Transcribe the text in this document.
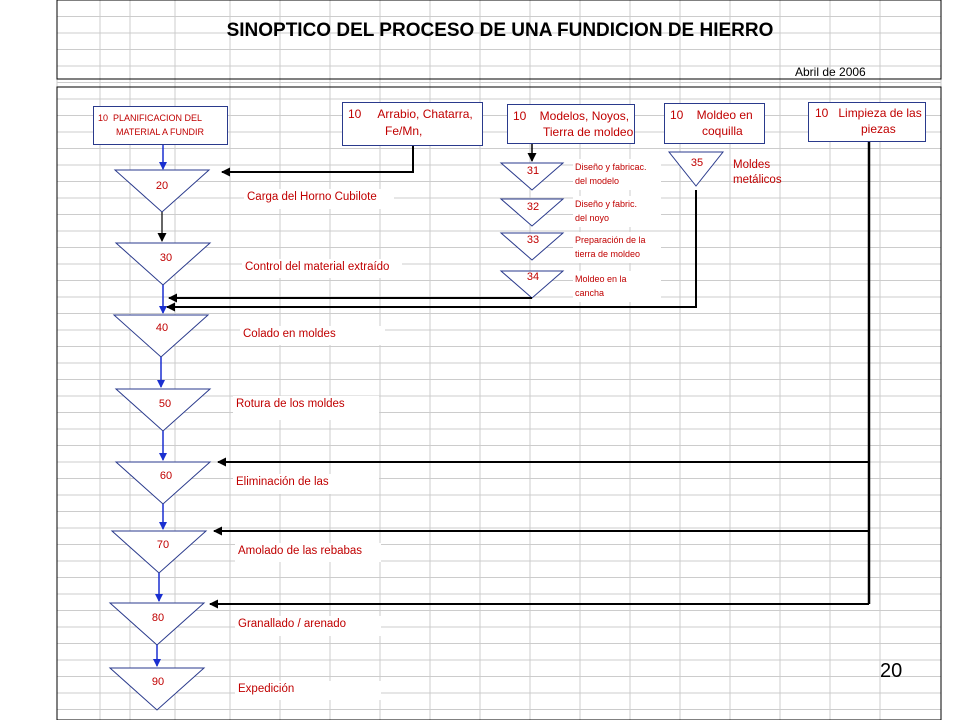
SINOPTICO DEL PROCESO DE UNA FUNDICION DE HIERRO
Abril de 2006
20
10  PLANIFICACION DEL
MATERIAL A FUNDIR
10     Arrabio, Chatarra,
Fe/Mn,
10    Modelos, Noyos,
Tierra de moldeo
10    Moldeo en
coquilla
10   Limpieza de las
piezas
20
30
40
50
60
70
80
90
Carga del Horno Cubilote
Control del material extraído
Colado en moldes
Rotura de los moldes
Eliminación de las
Amolado de las rebabas
Granallado / arenado
Expedición
31
32
33
34
Diseño y fabricac.
del modelo
Diseño y fabric.
del noyo
Preparación de la
tierra de moldeo
Moldeo en la
cancha
35	Moldes
metálicos
